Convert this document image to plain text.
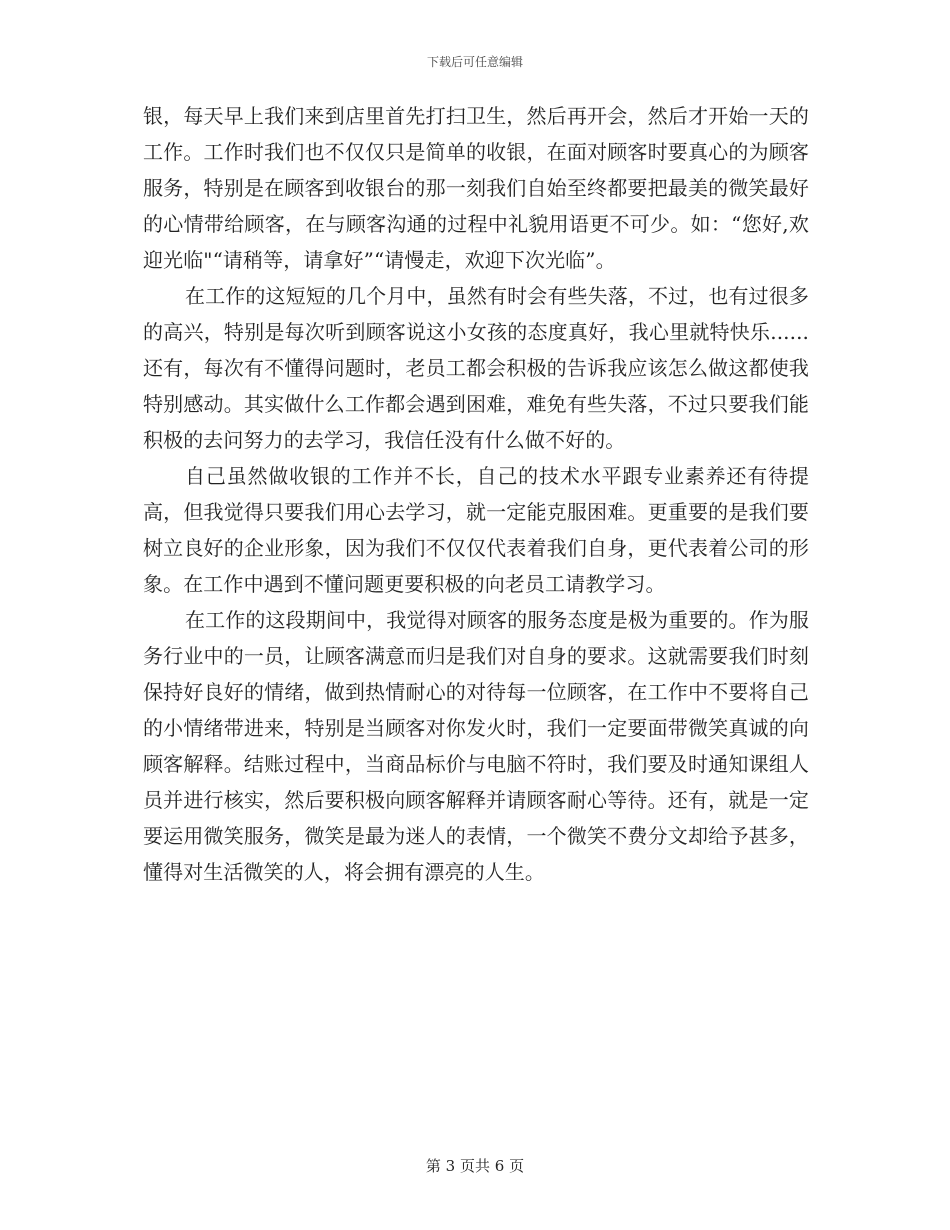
下载后可任意编辑

银，每天早上我们来到店里首先打扫卫生，然后再开会，然后才开始一天的工作。工作时我们也不仅仅只是简单的收银，在面对顾客时要真心的为顾客服务，特别是在顾客到收银台的那一刻我们自始至终都要把最美的微笑最好的心情带给顾客，在与顾客沟通的过程中礼貌用语更不可少。如：“您好,欢迎光临"“请稍等，请拿好”“请慢走，欢迎下次光临”。

在工作的这短短的几个月中，虽然有时会有些失落，不过，也有过很多的高兴，特别是每次听到顾客说这小女孩的态度真好，我心里就特快乐......还有，每次有不懂得问题时，老员工都会积极的告诉我应该怎么做这都使我特别感动。其实做什么工作都会遇到困难，难免有些失落，不过只要我们能积极的去问努力的去学习，我信任没有什么做不好的。

自己虽然做收银的工作并不长，自己的技术水平跟专业素养还有待提高，但我觉得只要我们用心去学习，就一定能克服困难。更重要的是我们要树立良好的企业形象，因为我们不仅仅代表着我们自身，更代表着公司的形象。在工作中遇到不懂问题更要积极的向老员工请教学习。

在工作的这段期间中，我觉得对顾客的服务态度是极为重要的。作为服务行业中的一员，让顾客满意而归是我们对自身的要求。这就需要我们时刻保持好良好的情绪，做到热情耐心的对待每一位顾客，在工作中不要将自己的小情绪带进来，特别是当顾客对你发火时，我们一定要面带微笑真诚的向顾客解释。结账过程中，当商品标价与电脑不符时，我们要及时通知课组人员并进行核实，然后要积极向顾客解释并请顾客耐心等待。还有，就是一定要运用微笑服务，微笑是最为迷人的表情，一个微笑不费分文却给予甚多，懂得对生活微笑的人，将会拥有漂亮的人生。

第 3 页共 6 页
